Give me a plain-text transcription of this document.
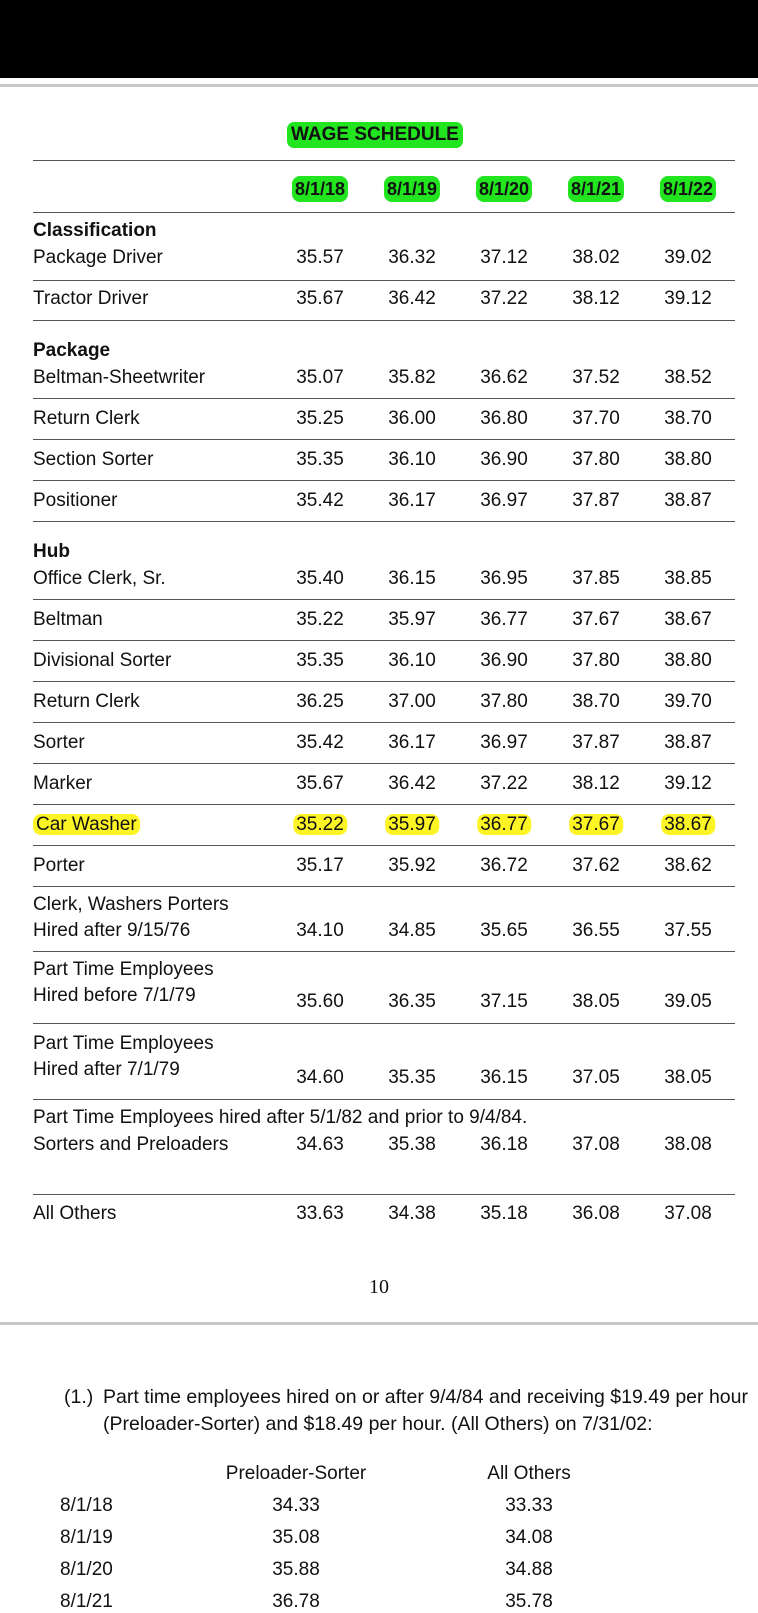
WAGE SCHEDULE
8/1/18 8/1/19 8/1/20 8/1/21 8/1/22
Classification
Package Driver	35.57 36.32 37.12 38.02 39.02
Tractor Driver	35.67 36.42 37.22 38.12 39.12
Package
Beltman-Sheetwriter	35.07 35.82 36.62 37.52 38.52
Return Clerk	35.25 36.00 36.80 37.70 38.70
Section Sorter	35.35 36.10 36.90 37.80 38.80
Positioner	35.42 36.17 36.97 37.87 38.87
Hub
Office Clerk, Sr.	35.40 36.15 36.95 37.85 38.85
Beltman	35.22 35.97 36.77 37.67 38.67
Divisional Sorter	35.35 36.10 36.90 37.80 38.80
Return Clerk	36.25 37.00 37.80 38.70 39.70
Sorter	35.42 36.17 36.97 37.87 38.87
Marker	35.67 36.42 37.22 38.12 39.12
Car Washer	35.22 35.97 36.77 37.67 38.67
Porter	35.17 35.92 36.72 37.62 38.62
Clerk, Washers Porters
Hired after 9/15/76	34.10 34.85 35.65 36.55 37.55
Part Time Employees
Hired before 7/1/79	35.60 36.35 37.15 38.05 39.05
Part Time Employees
Hired after 7/1/79	34.60 35.35 36.15 37.05 38.05
Part Time Employees hired after 5/1/82 and prior to 9/4/84.
Sorters and Preloaders	34.63 35.38 36.18 37.08 38.08
All Others	33.63 34.38 35.18 36.08 37.08
10
(1.) Part time employees hired on or after 9/4/84 and receiving $19.49 per hour (Preloader-Sorter) and $18.49 per hour. (All Others) on 7/31/02:
Preloader-Sorter	All Others
8/1/18	34.33	33.33
8/1/19	35.08	34.08
8/1/20	35.88	34.88
8/1/21	36.78	35.78
